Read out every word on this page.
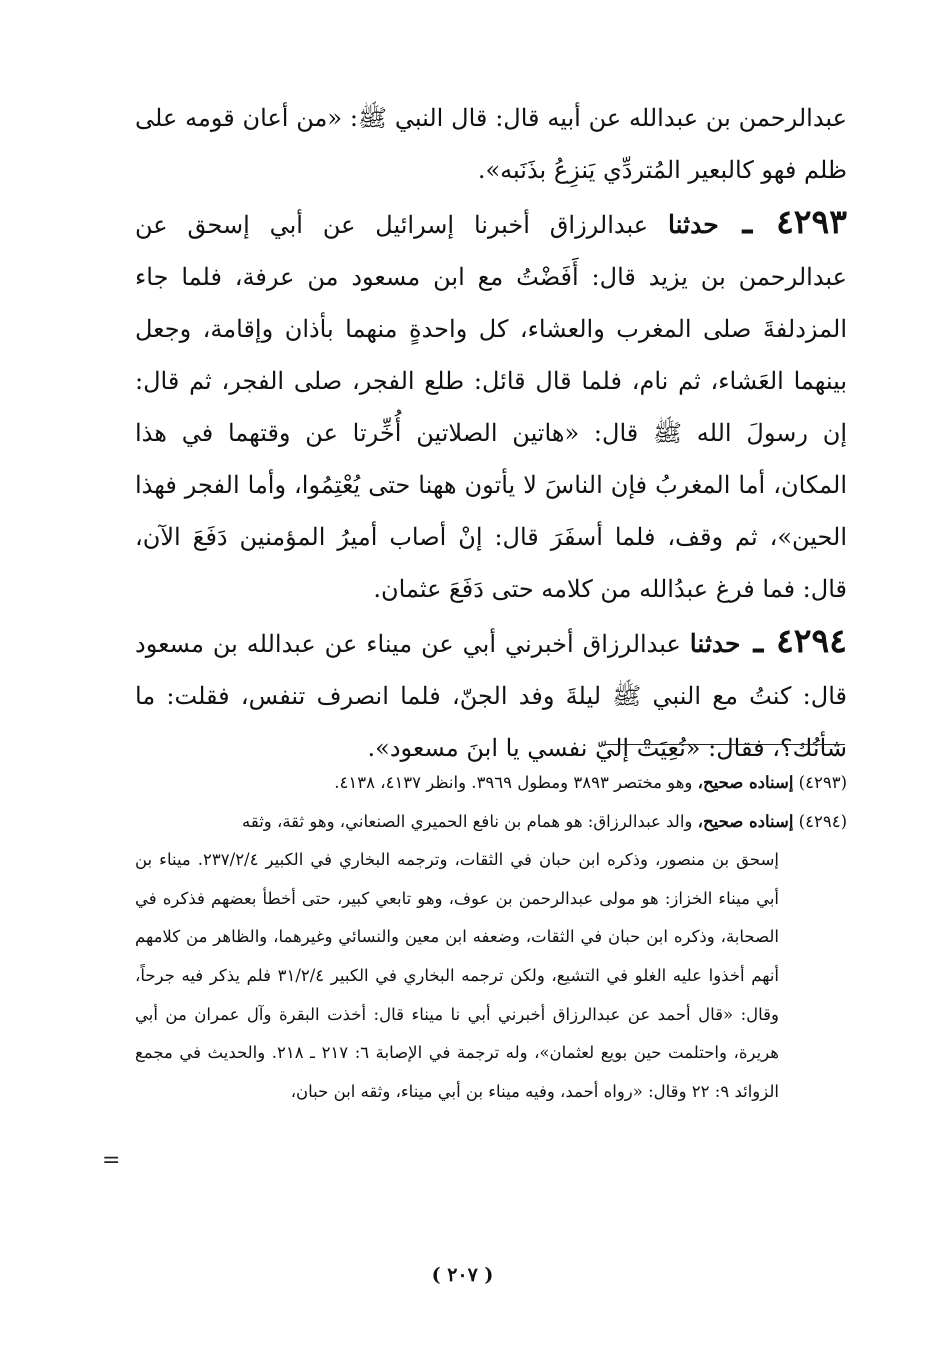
عبدالرحمن بن عبدالله عن أبيه قال: قال النبي ﷺ: «من أعان قومه على ظلم فهو كالبعير المُتردِّي يَنزِعُ بذَنَبه».

٤٢٩٣ ـ حدثنا عبدالرزاق أخبرنا إسرائيل عن أبي إسحق عن عبدالرحمن بن يزيد قال: أَفَضْتُ مع ابن مسعود من عرفة، فلما جاء المزدلفةَ صلى المغرب والعشاء، كل واحدةٍ منهما بأذان وإقامة، وجعل بينهما العَشاء، ثم نام، فلما قال قائل: طلع الفجر، صلى الفجر، ثم قال: إن رسولَ الله ﷺ قال: «هاتين الصلاتين أُخِّرتا عن وقتهما في هذا المكان، أما المغربُ فإن الناسَ لا يأتون ههنا حتى يُعْتِمُوا، وأما الفجر فهذا الحين»، ثم وقف، فلما أسفَرَ قال: إنْ أصاب أميرُ المؤمنين دَفَعَ الآن، قال: فما فرغ عبدُالله من كلامه حتى دَفَعَ عثمان.

٤٢٩٤ ـ حدثنا عبدالرزاق أخبرني أبي عن ميناء عن عبدالله بن مسعود قال: كنتُ مع النبي ﷺ ليلةَ وفد الجنّ، فلما انصرف تنفس، فقلت: ما شأنُك؟، فقال: «نُعِيَتْ إليّ نفسي يا ابنَ مسعود».

(٤٢٩٣) إسناده صحيح، وهو مختصر ٣٨٩٣ ومطول ٣٩٦٩. وانظر ٤١٣٧، ٤١٣٨.

(٤٢٩٤) إسناده صحيح، والد عبدالرزاق: هو همام بن نافع الحميري الصنعاني، وهو ثقة، وثقه

إسحق بن منصور، وذكره ابن حبان في الثقات، وترجمه البخاري في الكبير ٢٣٧/٢/٤. ميناء بن أبي ميناء الخزاز: هو مولى عبدالرحمن بن عوف، وهو تابعي كبير، حتى أخطأ بعضهم فذكره في الصحابة، وذكره ابن حبان في الثقات، وضعفه ابن معين والنسائي وغيرهما، والظاهر من كلامهم أنهم أخذوا عليه الغلو في التشيع، ولكن ترجمه البخاري في الكبير ٣١/٢/٤ فلم يذكر فيه جرحاً، وقال: «قال أحمد عن عبدالرزاق أخبرني أبي نا ميناء قال: أخذت البقرة وآل عمران من أبي هريرة، واحتلمت حين بويع لعثمان»، وله ترجمة في الإصابة ٦: ٢١٧ ـ ٢١٨. والحديث في مجمع الزوائد ٩: ٢٢ وقال: «رواه أحمد، وفيه ميناء بن أبي ميناء، وثقه ابن حبان،

=
( ٢٠٧ )
